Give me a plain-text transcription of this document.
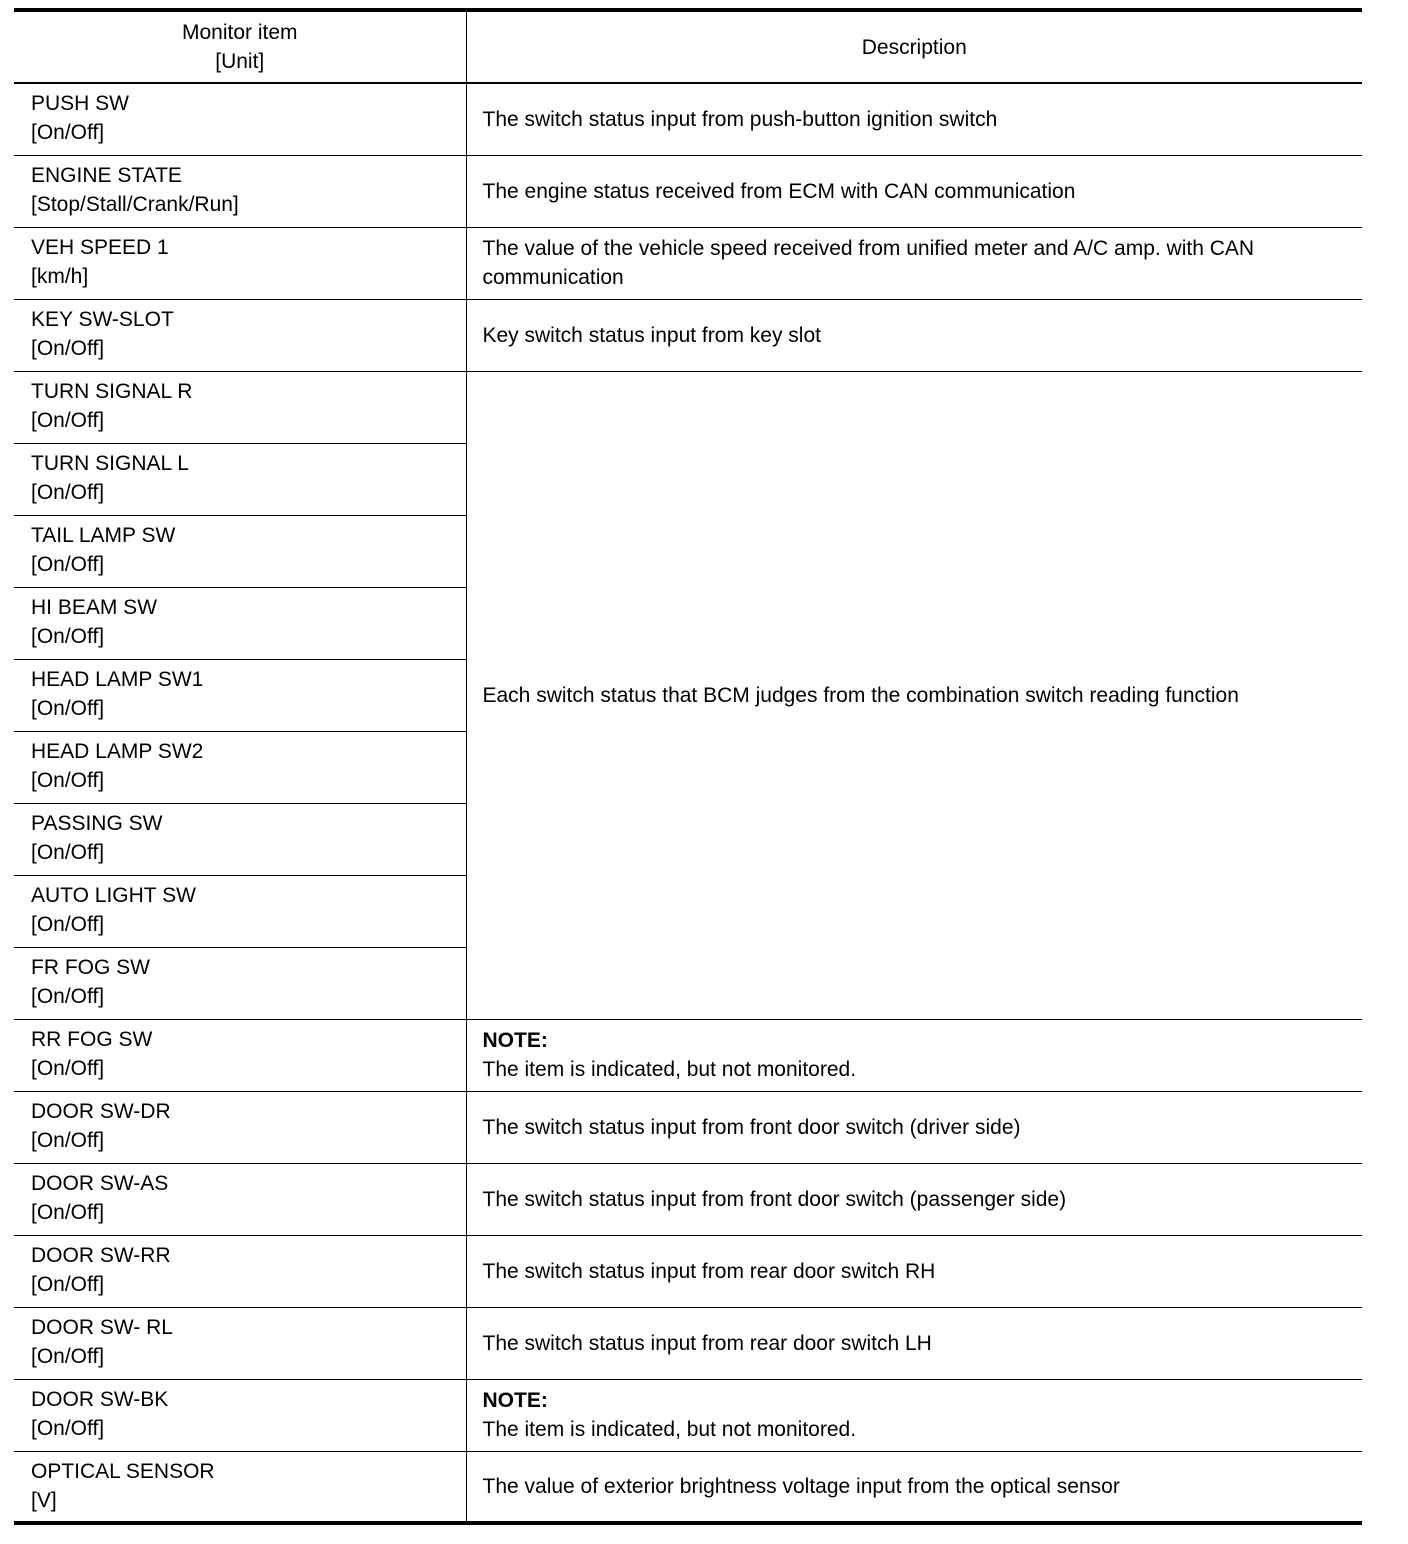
Monitor item
[Unit]	Description

PUSH SW
[On/Off]	The switch status input from push-button ignition switch

ENGINE STATE
[Stop/Stall/Crank/Run]	The engine status received from ECM with CAN communication

VEH SPEED 1
[km/h]	The value of the vehicle speed received from unified meter and A/C amp. with CAN communication

KEY SW-SLOT
[On/Off]	Key switch status input from key slot

TURN SIGNAL R
[On/Off]	Each switch status that BCM judges from the combination switch reading function

TURN SIGNAL L
[On/Off]	

TAIL LAMP SW
[On/Off]	

HI BEAM SW
[On/Off]	

HEAD LAMP SW1
[On/Off]	

HEAD LAMP SW2
[On/Off]	

PASSING SW
[On/Off]	

AUTO LIGHT SW
[On/Off]	

FR FOG SW
[On/Off]	

RR FOG SW
[On/Off]	NOTE:
The item is indicated, but not monitored.

DOOR SW-DR
[On/Off]	The switch status input from front door switch (driver side)

DOOR SW-AS
[On/Off]	The switch status input from front door switch (passenger side)

DOOR SW-RR
[On/Off]	The switch status input from rear door switch RH

DOOR SW- RL
[On/Off]	The switch status input from rear door switch LH

DOOR SW-BK
[On/Off]	NOTE:
The item is indicated, but not monitored.

OPTICAL SENSOR
[V]	The value of exterior brightness voltage input from the optical sensor
